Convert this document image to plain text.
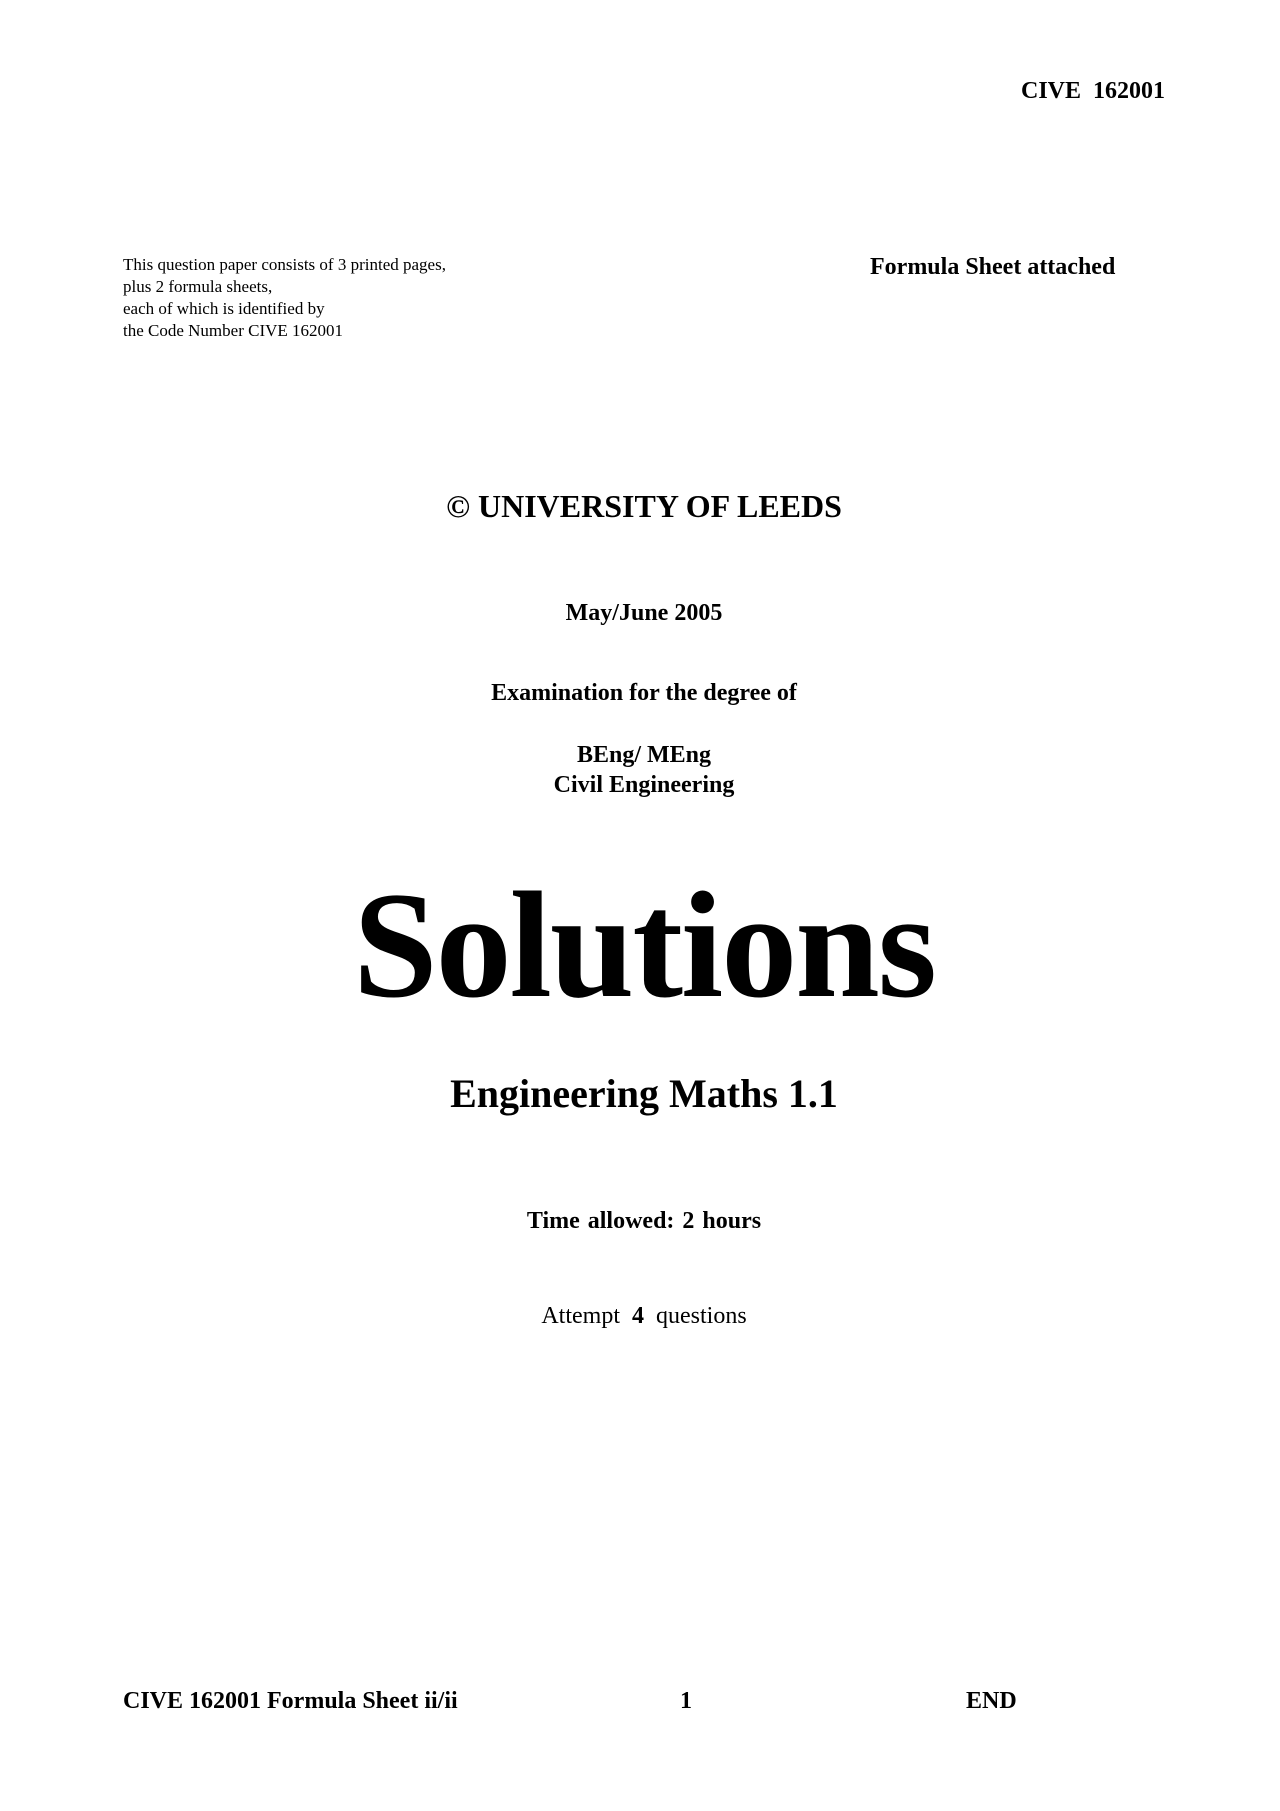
CIVE 162001
This question paper consists of 3 printed pages,
plus 2 formula sheets,
each of which is identified by
the Code Number CIVE 162001
Formula Sheet attached
© UNIVERSITY OF LEEDS
May/June 2005
Examination for the degree of
BEng/ MEng
Civil Engineering
Solutions
Engineering Maths 1.1
Time allowed: 2 hours
Attempt  4  questions
CIVE 162001 Formula Sheet ii/ii	1	END
